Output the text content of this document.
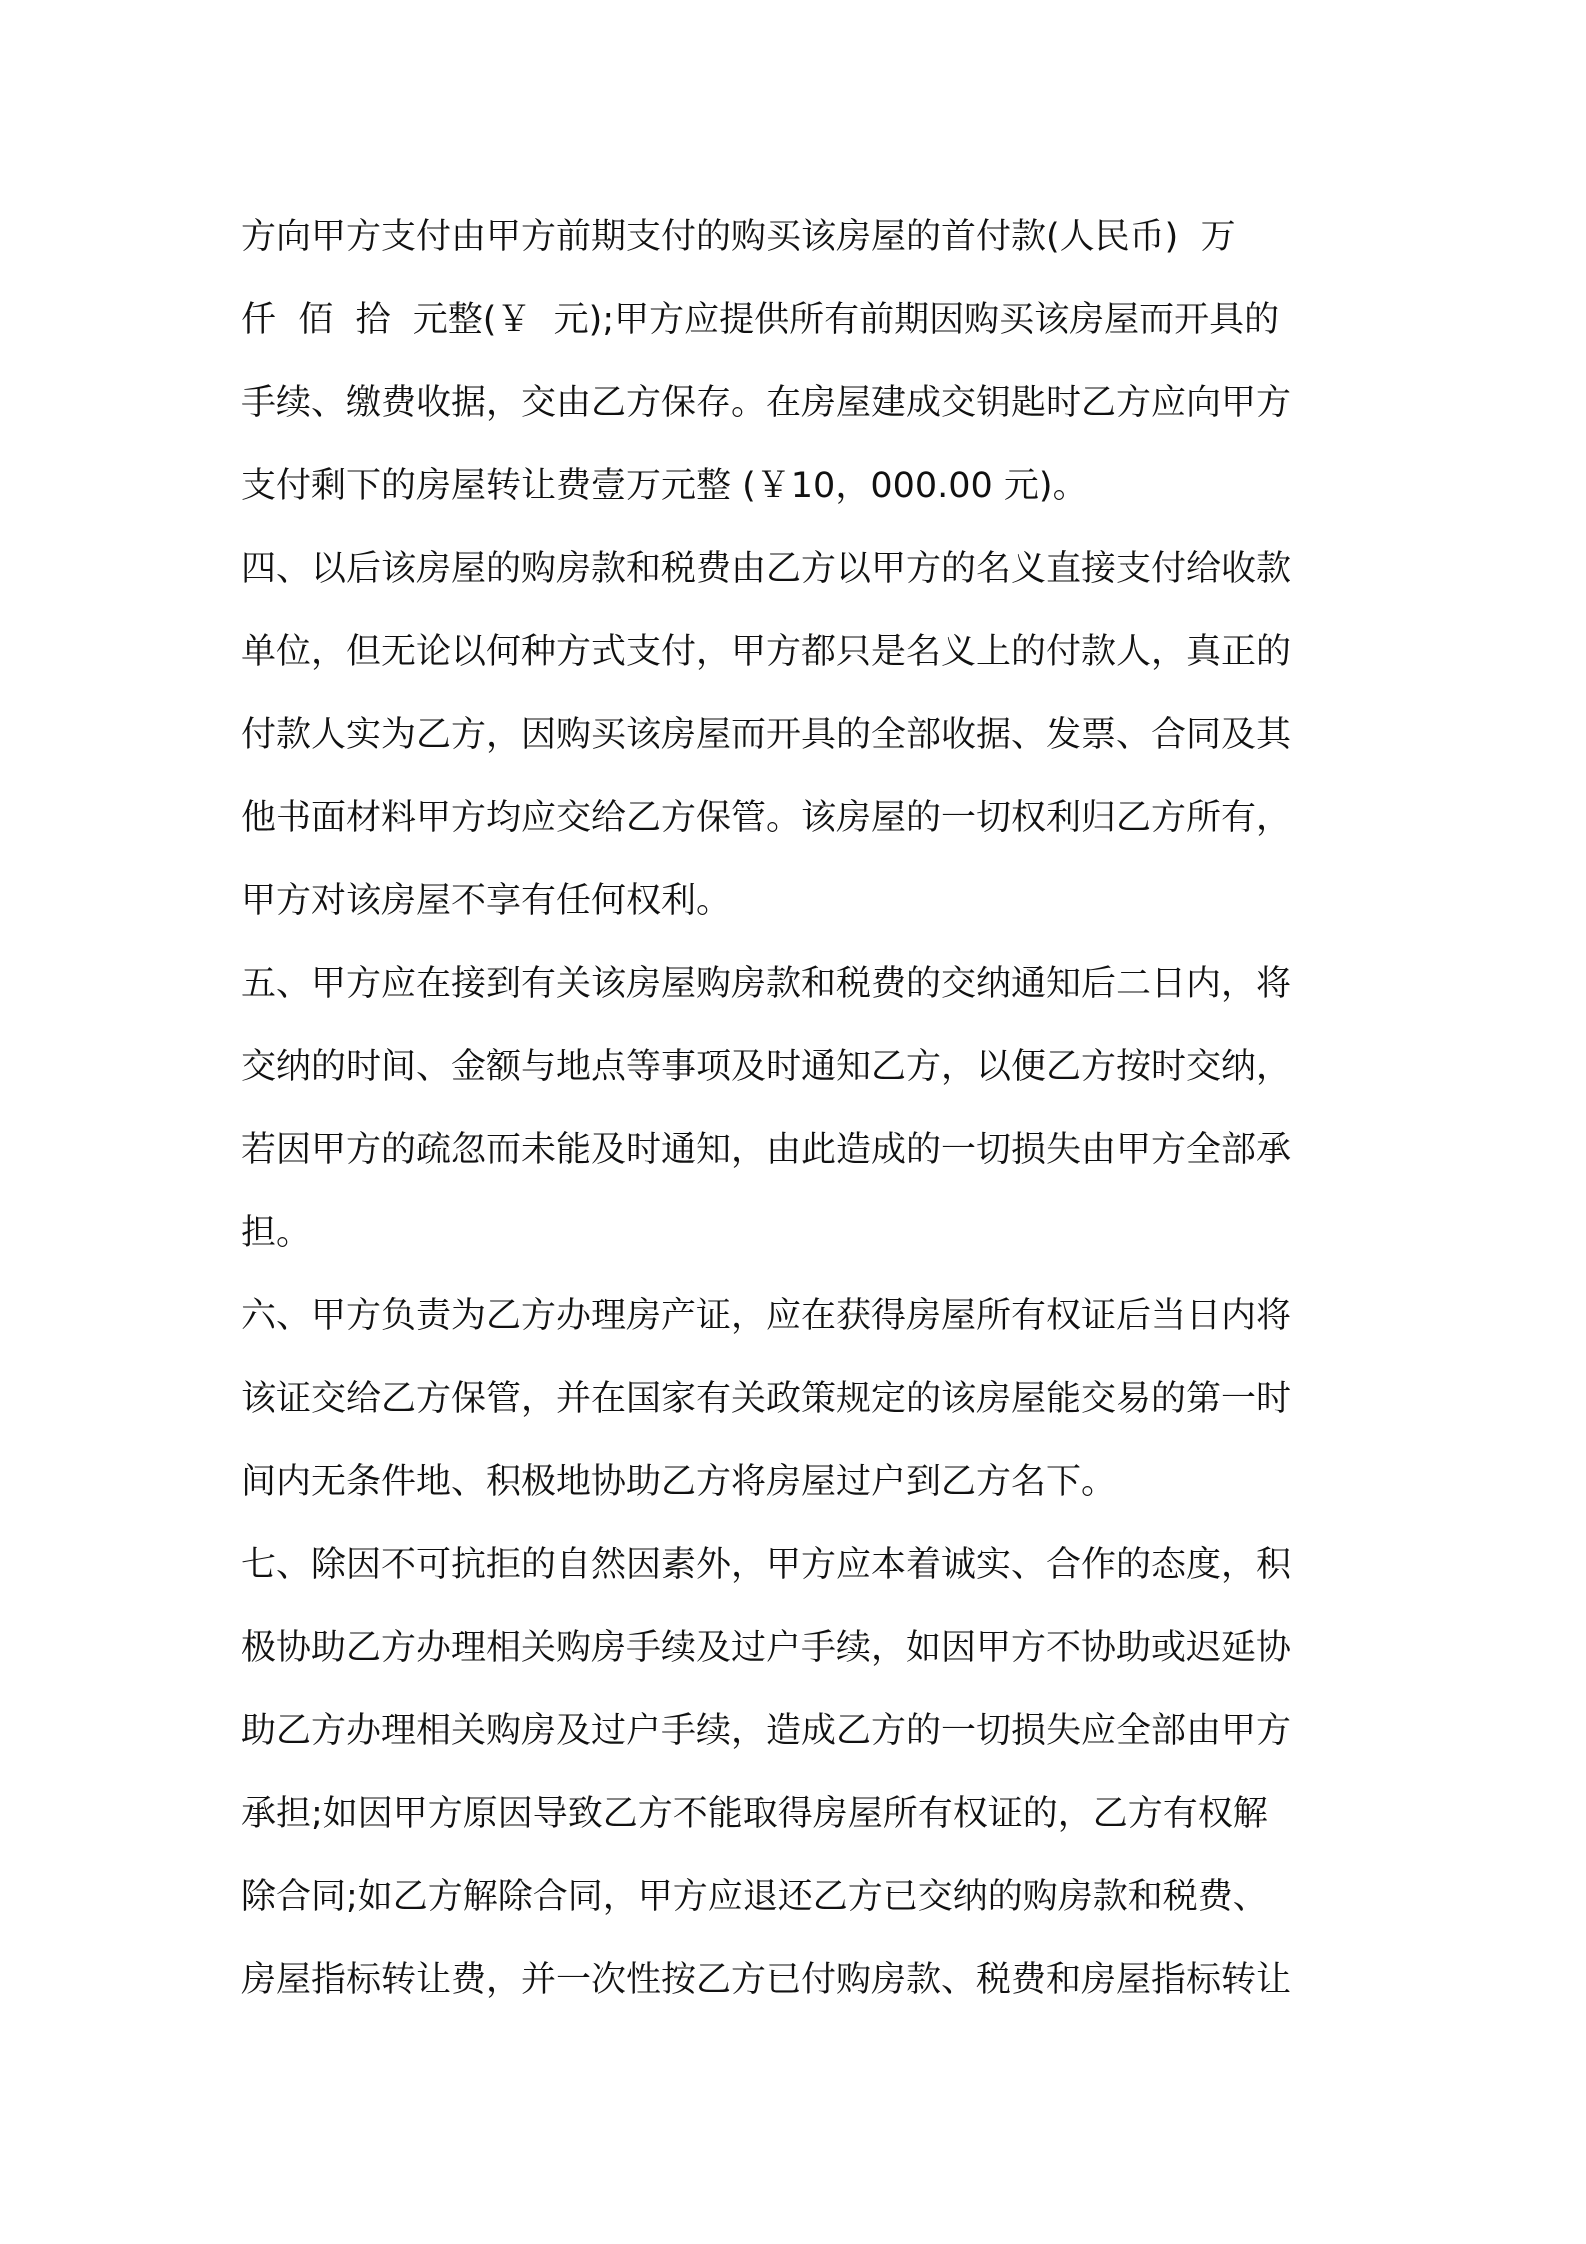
方向甲方支付由甲方前期支付的购买该房屋的首付款(人民币)  万
仟  佰  拾  元整(￥  元);甲方应提供所有前期因购买该房屋而开具的
手续、缴费收据，交由乙方保存。在房屋建成交钥匙时乙方应向甲方
支付剩下的房屋转让费壹万元整 (￥10，000.00 元)。
四、以后该房屋的购房款和税费由乙方以甲方的名义直接支付给收款
单位，但无论以何种方式支付，甲方都只是名义上的付款人，真正的
付款人实为乙方，因购买该房屋而开具的全部收据、发票、合同及其
他书面材料甲方均应交给乙方保管。该房屋的一切权利归乙方所有，
甲方对该房屋不享有任何权利。
五、甲方应在接到有关该房屋购房款和税费的交纳通知后二日内，将
交纳的时间、金额与地点等事项及时通知乙方，以便乙方按时交纳，
若因甲方的疏忽而未能及时通知，由此造成的一切损失由甲方全部承
担。
六、甲方负责为乙方办理房产证，应在获得房屋所有权证后当日内将
该证交给乙方保管，并在国家有关政策规定的该房屋能交易的第一时
间内无条件地、积极地协助乙方将房屋过户到乙方名下。
七、除因不可抗拒的自然因素外，甲方应本着诚实、合作的态度，积
极协助乙方办理相关购房手续及过户手续，如因甲方不协助或迟延协
助乙方办理相关购房及过户手续，造成乙方的一切损失应全部由甲方
承担;如因甲方原因导致乙方不能取得房屋所有权证的，乙方有权解
除合同;如乙方解除合同，甲方应退还乙方已交纳的购房款和税费、
房屋指标转让费，并一次性按乙方已付购房款、税费和房屋指标转让
